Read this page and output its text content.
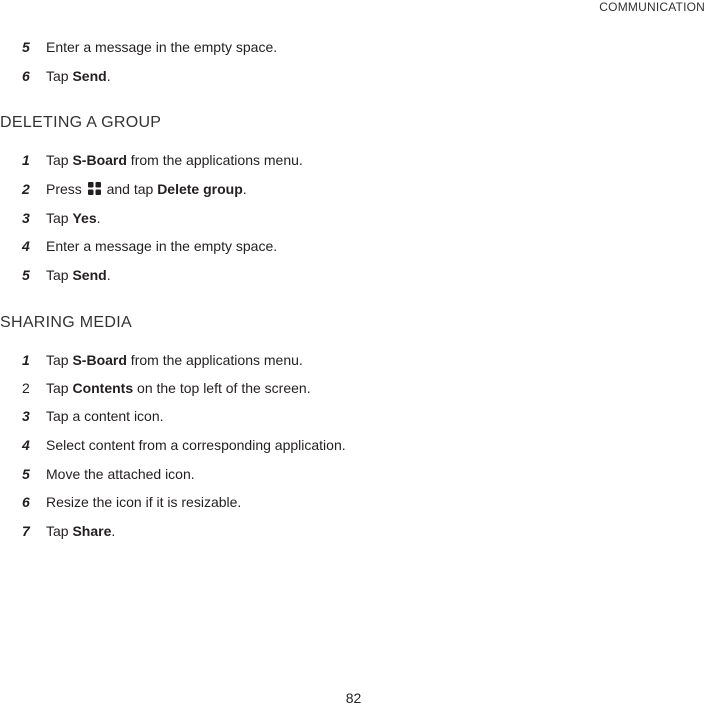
COMMUNICATION
5 Enter a message in the empty space.
6 Tap Send.
DELETING A GROUP
1 Tap S-Board from the applications menu.
2 Press
and tap Delete group.
3 Tap Yes.
4 Enter a message in the empty space.
5 Tap Send.
SHARING MEDIA
1 Tap S-Board from the applications menu.
2 Tap Contents on the top left of the screen.
3 Tap a content icon.
4 Select content from a corresponding application.
5 Move the attached icon.
6 Resize the icon if it is resizable.
7 Tap Share.
82
